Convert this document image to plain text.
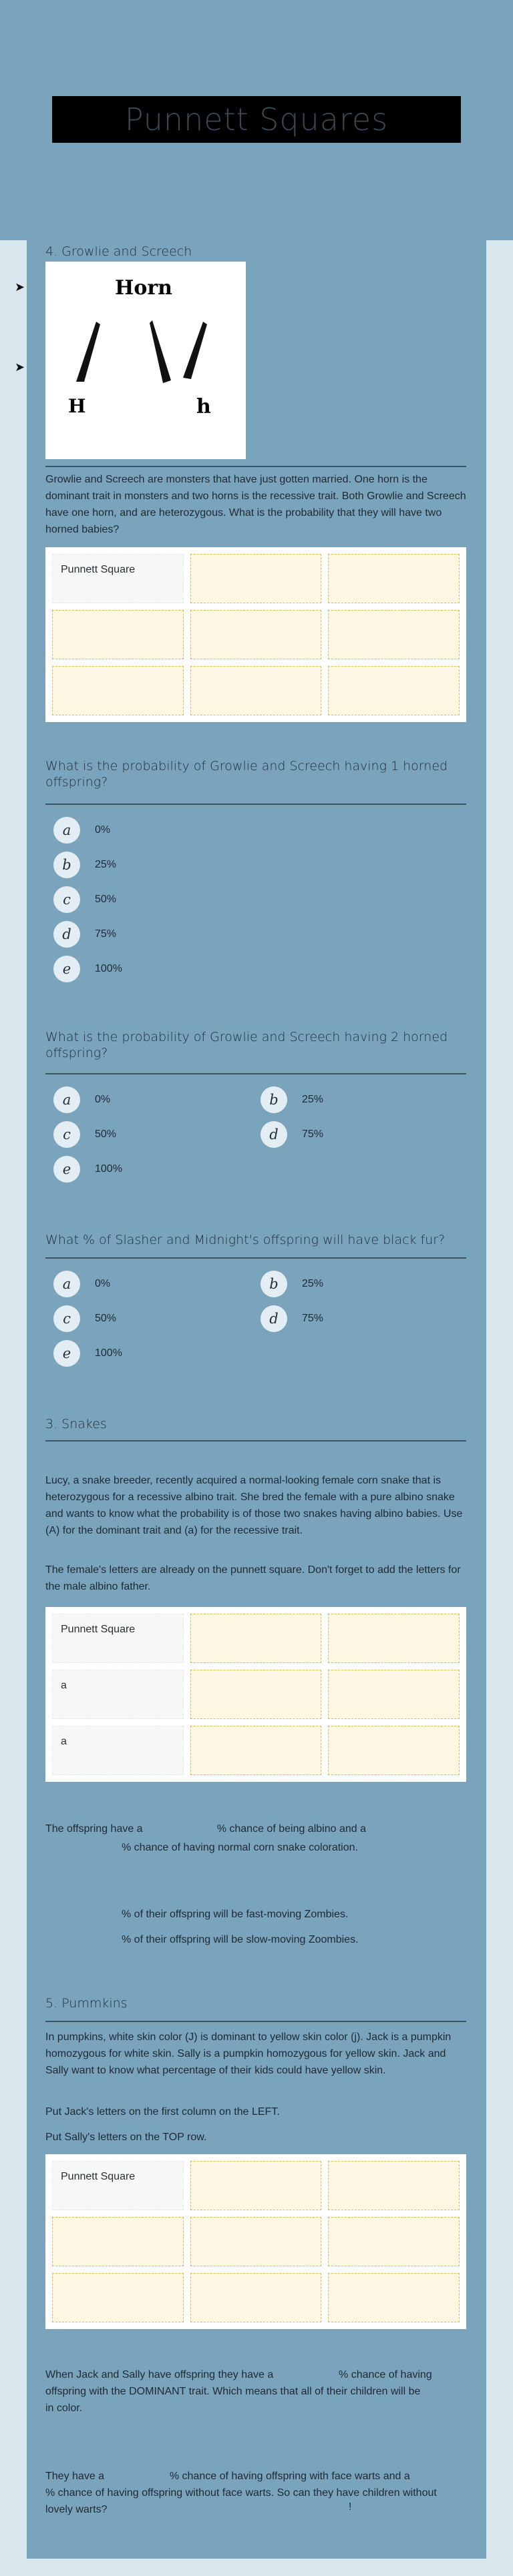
Punnett Squares
➤
➤
4. Growlie and Screech
Horn
H	h

Growlie and Screech are monsters that have just gotten married. One horn is the dominant trait in monsters and two horns is the recessive trait. Both Growlie and Screech have one horn, and are heterozygous. What is the probability that they will have two horned babies?

Punnett Square
What is the probability of Growlie and Screech having 1 horned offspring?
a	0%
b	25%
c	50%
d	75%
e	100%
What is the probability of Growlie and Screech having 2 horned offspring?
a	0%	b	25%
c	50%	d	75%
e	100%
What % of Slasher and Midnight's offspring will have black fur?
a	0%	b	25%
c	50%	d	75%
e	100%
3. Snakes

Lucy, a snake breeder, recently acquired a normal-looking female corn snake that is heterozygous for a recessive albino trait. She bred the female with a pure albino snake and wants to know what the probability is of those two snakes having albino babies. Use (A) for the dominant trait and (a) for the recessive trait.

The female's letters are already on the punnett square. Don't forget to add the letters for the male albino father.

Punnett Square
a
a

The offspring have a                         % chance of being albino and a

% chance of having normal corn snake coloration.

% of their offspring will be fast-moving Zombies.

% of their offspring will be slow-moving Zoombies.

5. Pummkins

In pumpkins, white skin color (J) is dominant to yellow skin color (j). Jack is a pumpkin homozygous for white skin. Sally is a pumpkin homozygous for yellow skin. Jack and Sally want to know what percentage of their kids could have yellow skin.

Put Jack's letters on the first column on the LEFT.

Put Sally's letters on the TOP row.

Punnett Square

When Jack and Sally have offspring they have a                      % chance of having offspring with the DOMINANT trait. Which means that all of their children will be                        in color.

They have a                      % chance of having offspring with face warts and a                    % chance of having offspring without face warts. So can they have children without lovely warts?	!
